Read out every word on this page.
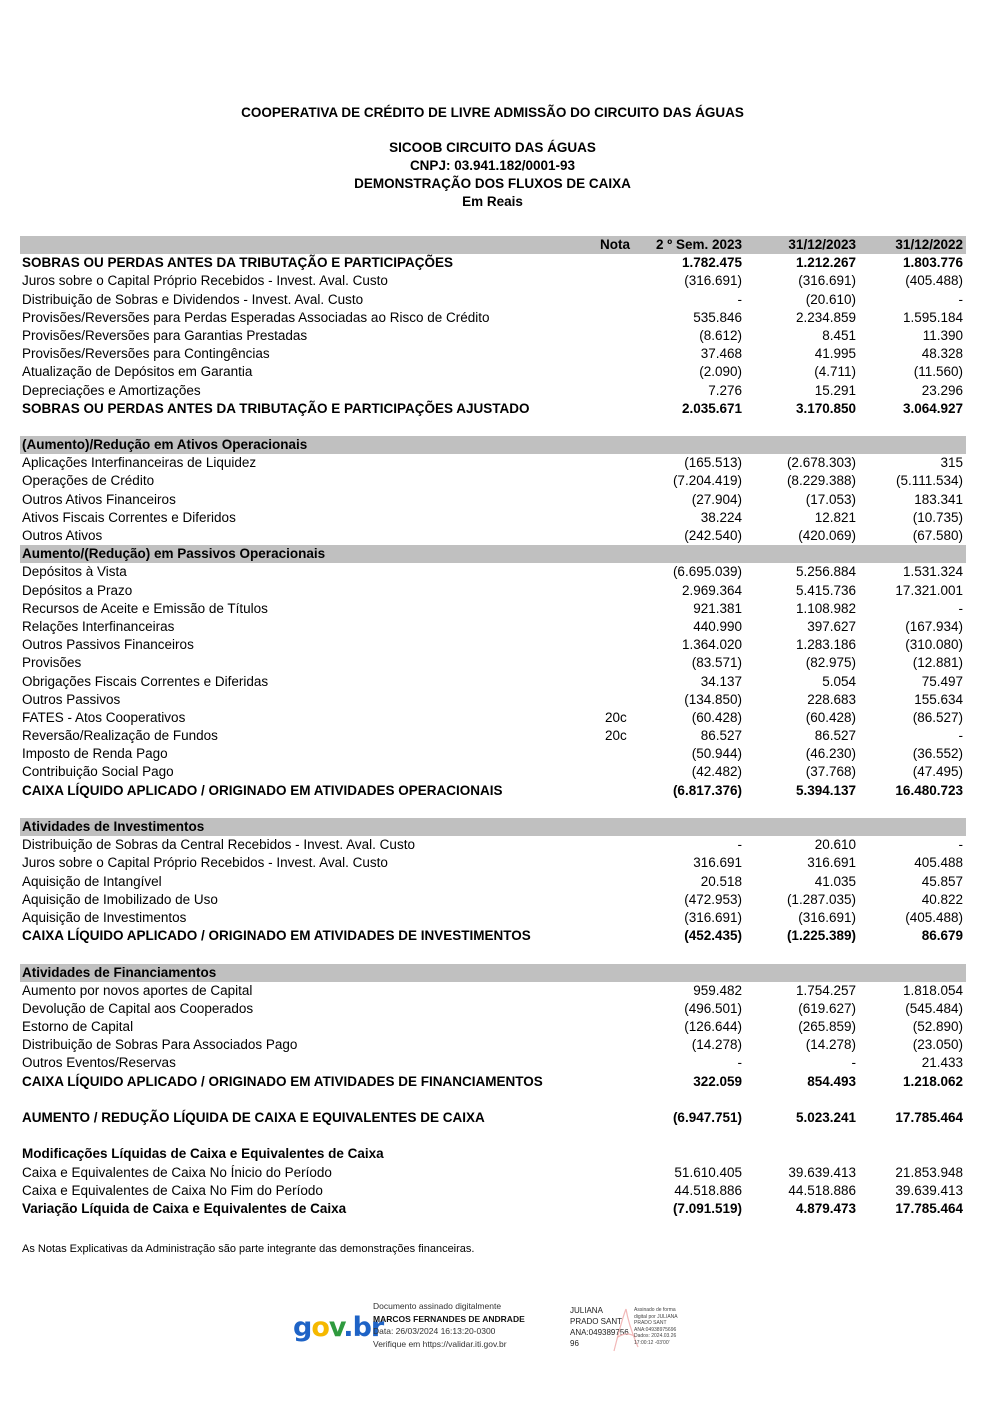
COOPERATIVA DE CRÉDITO DE LIVRE ADMISSÃO DO CIRCUITO DAS ÁGUAS
SICOOB CIRCUITO DAS ÁGUAS
CNPJ: 03.941.182/0001-93
DEMONSTRAÇÃO DOS FLUXOS DE CAIXA
Em Reais
Nota	2 º Sem. 2023	31/12/2023	31/12/2022
SOBRAS OU PERDAS ANTES DA TRIBUTAÇÃO E PARTICIPAÇÕES	1.782.475	1.212.267	1.803.776
Juros sobre o Capital Próprio Recebidos - Invest. Aval. Custo	(316.691)	(316.691)	(405.488)
Distribuição de Sobras e Dividendos - Invest. Aval. Custo	-	(20.610)	-
Provisões/Reversões para Perdas Esperadas Associadas ao Risco de Crédito	535.846	2.234.859	1.595.184
Provisões/Reversões para Garantias Prestadas	(8.612)	8.451	11.390
Provisões/Reversões para Contingências	37.468	41.995	48.328
Atualização de Depósitos em Garantia	(2.090)	(4.711)	(11.560)
Depreciações e Amortizações	7.276	15.291	23.296
SOBRAS OU PERDAS ANTES DA TRIBUTAÇÃO E PARTICIPAÇÕES AJUSTADO	2.035.671	3.170.850	3.064.927
(Aumento)/Redução em Ativos Operacionais
Aplicações Interfinanceiras de Liquidez	(165.513)	(2.678.303)	315
Operações de Crédito	(7.204.419)	(8.229.388)	(5.111.534)
Outros Ativos Financeiros	(27.904)	(17.053)	183.341
Ativos Fiscais Correntes e Diferidos	38.224	12.821	(10.735)
Outros Ativos	(242.540)	(420.069)	(67.580)
Aumento/(Redução) em Passivos Operacionais
Depósitos à Vista	(6.695.039)	5.256.884	1.531.324
Depósitos a Prazo	2.969.364	5.415.736	17.321.001
Recursos de Aceite e Emissão de Títulos	921.381	1.108.982	-
Relações Interfinanceiras	440.990	397.627	(167.934)
Outros Passivos Financeiros	1.364.020	1.283.186	(310.080)
Provisões	(83.571)	(82.975)	(12.881)
Obrigações Fiscais Correntes e Diferidas	34.137	5.054	75.497
Outros Passivos	(134.850)	228.683	155.634
FATES - Atos Cooperativos	20c	(60.428)	(60.428)	(86.527)
Reversão/Realização de Fundos	20c	86.527	86.527	-
Imposto de Renda Pago	(50.944)	(46.230)	(36.552)
Contribuição Social Pago	(42.482)	(37.768)	(47.495)
CAIXA LÍQUIDO APLICADO / ORIGINADO EM ATIVIDADES OPERACIONAIS	(6.817.376)	5.394.137	16.480.723
Atividades de Investimentos
Distribuição de Sobras da Central Recebidos - Invest. Aval. Custo	-	20.610	-
Juros sobre o Capital Próprio Recebidos - Invest. Aval. Custo	316.691	316.691	405.488
Aquisição de Intangível	20.518	41.035	45.857
Aquisição de Imobilizado de Uso	(472.953)	(1.287.035)	40.822
Aquisição de Investimentos	(316.691)	(316.691)	(405.488)
CAIXA LÍQUIDO APLICADO / ORIGINADO EM ATIVIDADES DE INVESTIMENTOS	(452.435)	(1.225.389)	86.679
Atividades de Financiamentos
Aumento por novos aportes de Capital	959.482	1.754.257	1.818.054
Devolução de Capital aos Cooperados	(496.501)	(619.627)	(545.484)
Estorno de Capital	(126.644)	(265.859)	(52.890)
Distribuição de Sobras Para Associados Pago	(14.278)	(14.278)	(23.050)
Outros Eventos/Reservas	-	-	21.433
CAIXA LÍQUIDO APLICADO / ORIGINADO EM ATIVIDADES DE FINANCIAMENTOS	322.059	854.493	1.218.062
AUMENTO / REDUÇÃO LÍQUIDA DE CAIXA E EQUIVALENTES DE CAIXA	(6.947.751)	5.023.241	17.785.464
Modificações Líquidas de Caixa e Equivalentes de Caixa
Caixa e Equivalentes de Caixa No Ínicio do Período	51.610.405	39.639.413	21.853.948
Caixa e Equivalentes de Caixa No Fim do Período	44.518.886	44.518.886	39.639.413
Variação Líquida de Caixa e Equivalentes de Caixa	(7.091.519)	4.879.473	17.785.464
As Notas Explicativas da Administração são parte integrante das demonstrações financeiras.
gov.br
Documento assinado digitalmente
MARCOS FERNANDES DE ANDRADE
Data: 26/03/2024 16:13:20-0300
Verifique em https://validar.iti.gov.br
JULIANA
PRADO SANT
ANA:049389756
96
Assinado de forma
digital por JULIANA
PRADO SANT
ANA:04938975696
Dados: 2024.03.26
17:00:12 -03'00'
